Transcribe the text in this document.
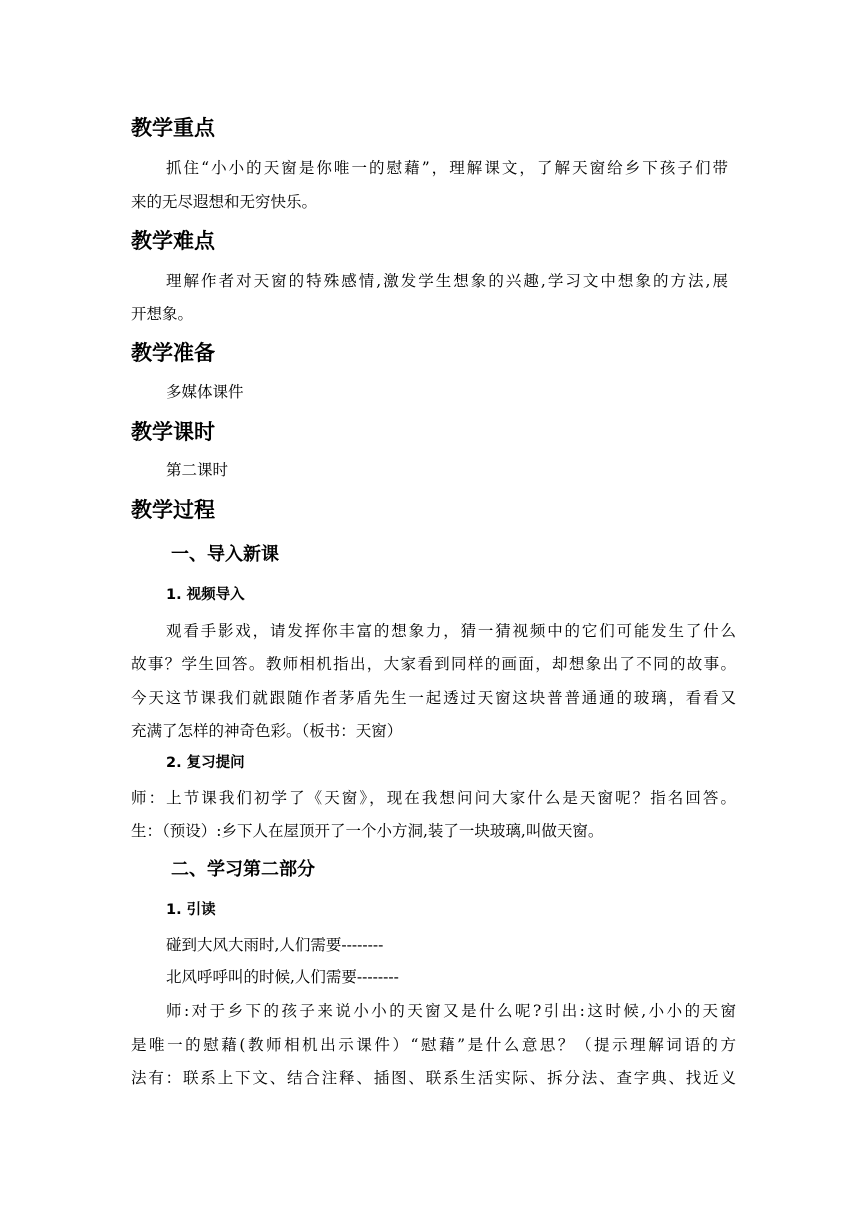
教学重点
抓住“小小的天窗是你唯一的慰藉”，理解课文，了解天窗给乡下孩子们带
来的无尽遐想和无穷快乐。
教学难点
理解作者对天窗的特殊感情,激发学生想象的兴趣,学习文中想象的方法,展
开想象。
教学准备
多媒体课件
教学课时
第二课时
教学过程
一、导入新课
1. 视频导入
观看手影戏，请发挥你丰富的想象力，猜一猜视频中的它们可能发生了什么
故事？学生回答。教师相机指出，大家看到同样的画面，却想象出了不同的故事。
今天这节课我们就跟随作者茅盾先生一起透过天窗这块普普通通的玻璃，看看又
充满了怎样的神奇色彩。（板书：天窗）
2. 复习提问
师：上节课我们初学了《天窗》，现在我想问问大家什么是天窗呢？指名回答。
生：（预设）:乡下人在屋顶开了一个小方洞,装了一块玻璃,叫做天窗。
二、学习第二部分
1. 引读
碰到大风大雨时,人们需要--------
北风呼呼叫的时候,人们需要--------
师:对于乡下的孩子来说小小的天窗又是什么呢?引出:这时候,小小的天窗
是唯一的慰藉(教师相机出示课件）“慰藉”是什么意思？（提示理解词语的方
法有：联系上下文、结合注释、插图、联系生活实际、拆分法、查字典、找近义
